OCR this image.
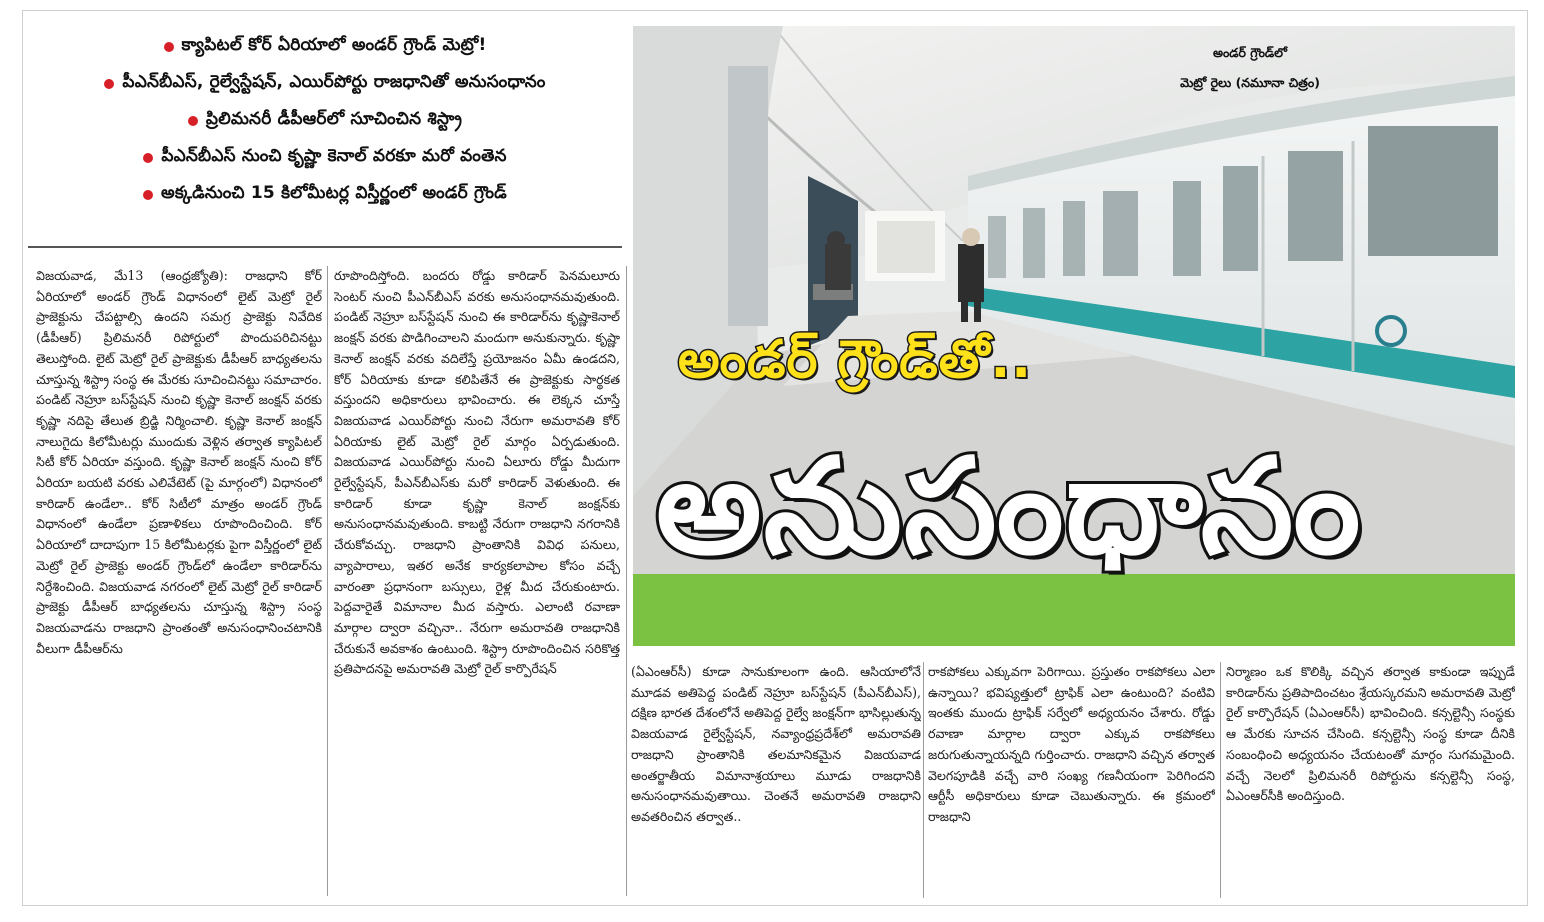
క్యాపిటల్ కోర్ ఏరియాలో అండర్ గ్రౌండ్ మెట్రో!
పీఎన్‌బీఎస్, రైల్వేస్టేషన్, ఎయిర్‌పోర్టు రాజధానితో అనుసంధానం
ప్రిలిమనరీ డీపీఆర్‌లో సూచించిన శిస్ట్రా
పీఎన్‌బీఎస్ నుంచి కృష్ణా కెనాల్ వరకూ మరో వంతెన
అక్కడినుంచి 15 కిలోమీటర్ల విస్తీర్ణంలో అండర్ గ్రౌండ్
అండర్ గ్రౌండ్‌లో
మెట్రో రైలు (నమూనా చిత్రం)
అండర్ గ్రౌండ్‌తో..
అనుసంధానం
విజయవాడ, మే13 (ఆంధ్రజ్యోతి): రాజధాని కోర్ ఏరియాలో అండర్ గ్రౌండ్ విధానంలో లైట్ మెట్రో రైల్ ప్రాజెక్టును చేపట్టాల్సి ఉందని సమగ్ర ప్రాజెక్టు నివేదిక (డీపీఆర్) ప్రిలిమనరీ రిపోర్టులో పొందుపరిచినట్టు తెలుస్తోంది. లైట్ మెట్రో రైల్ ప్రాజెక్టుకు డీపీఆర్ బాధ్యతలను చూస్తున్న శిస్ట్రా సంస్థ ఈ మేరకు సూచించినట్టు సమాచారం. పండిట్ నెహ్రూ బస్‌స్టేషన్ నుంచి కృష్ణా కెనాల్ జంక్షన్ వరకు కృష్ణా నదిపై తేలుత బ్రిడ్జి నిర్మించాలి. కృష్ణా కెనాల్ జంక్షన్ నాలుగైదు కిలోమీటర్లు ముందుకు వెళ్లిన తర్వాత క్యాపిటల్ సిటీ కోర్ ఏరియా వస్తుంది. కృష్ణా కెనాల్ జంక్షన్ నుంచి కోర్ ఏరియా బయటి వరకు ఎలివేటెట్ (పై మార్గంలో) విధానంలో కారిడార్ ఉండేలా.. కోర్ సిటీలో మాత్రం అండర్ గ్రౌండ్ విధానంలో ఉండేలా ప్రణాళికలు రూపొందించింది. కోర్ ఏరియాలో దాదాపుగా 15 కిలోమీటర్లకు పైగా విస్తీర్ణంలో లైట్ మెట్రో రైల్ ప్రాజెక్టు అండర్ గ్రౌండ్‌లో ఉండేలా కారిడార్‌ను నిర్దేశించింది. విజయవాడ నగరంలో లైట్ మెట్రో రైల్ కారిడార్ ప్రాజెక్టు డీపీఆర్ బాధ్యతలను చూస్తున్న శిస్ట్రా సంస్థ విజయవాడను రాజధాని ప్రాంతంతో అనుసంధానించటానికి వీలుగా డీపీఆర్‌ను
రూపొందిస్తోంది. బందరు రోడ్డు కారిడార్ పెనమలూరు సెంటర్ నుంచి పీఎన్‌బీఎస్ వరకు అనుసంధానమవుతుంది. పండిట్ నెహ్రూ బస్‌స్టేషన్ నుంచి ఈ కారిడార్‌ను కృష్ణాకెనాల్ జంక్షన్ వరకు పొడిగించాలని మందుగా అనుకున్నారు. కృష్ణా కెనాల్ జంక్షన్ వరకు వదిలేస్తే ప్రయోజనం ఏమీ ఉండదని, కోర్ ఏరియాకు కూడా కలిపితేనే ఈ ప్రాజెక్టుకు సార్థకత వస్తుందని అధికారులు భావించారు. ఈ లెక్కన చూస్తే విజయవాడ ఎయిర్‌పోర్టు నుంచి నేరుగా అమరావతి కోర్ ఏరియాకు లైట్ మెట్రో రైల్ మార్గం ఏర్పడుతుంది. విజయవాడ ఎయిర్‌పోర్టు నుంచి ఏలూరు రోడ్డు మీదుగా రైల్వేస్టేషన్, పీఎన్‌బీఎస్‌కు మరో కారిడార్ వెళుతుంది. ఈ కారిడార్ కూడా కృష్ణా కెనాల్ జంక్షన్‌కు అనుసంధానమవుతుంది. కాబట్టి నేరుగా రాజధాని నగరానికి చేరుకోవచ్చు. రాజధాని ప్రాంతానికి వివిధ పనులు, వ్యాపారాలు, ఇతర అనేక కార్యకలాపాల కోసం వచ్చే వారంతా ప్రధానంగా బస్సులు, రైళ్ల మీద చేరుకుంటారు. పెద్దవారైతే విమానాల మీద వస్తారు. ఎలాంటి రవాణా మార్గాల ద్వారా వచ్చినా.. నేరుగా అమరావతి రాజధానికి చేరుకునే అవకాశం ఉంటుంది. శిస్ట్రా రూపొందించిన సరికొత్త ప్రతిపాదనపై అమరావతి మెట్రో రైల్ కార్పొరేషన్	(ఏఎంఆర్‌సీ) కూడా సానుకూలంగా ఉంది. ఆసియాలోనే మూడవ అతిపెద్ద పండిట్ నెహ్రూ బస్‌స్టేషన్ (పీఎన్‌బీఎస్), దక్షిణ భారత దేశంలోనే అతిపెద్ద రైల్వే జంక్షన్‌గా భాసిల్లుతున్న విజయవాడ రైల్వేస్టేషన్, నవ్యాంధ్రప్రదేశ్‌లో అమరావతి రాజధాని ప్రాంతానికి తలమానికమైన విజయవాడ అంతర్జాతీయ విమానాశ్రయాలు మూడు రాజధానికి అనుసంధానమవుతాయి. చెంతనే అమరావతి రాజధాని అవతరించిన తర్వాత..
రాకపోకలు ఎక్కువగా పెరిగాయి. ప్రస్తుతం రాకపోకలు ఎలా ఉన్నాయి? భవిష్యత్తులో ట్రాఫిక్ ఎలా ఉంటుంది? వంటివి ఇంతకు ముందు ట్రాఫిక్ సర్వేలో అధ్యయనం చేశారు. రోడ్డు రవాణా మార్గాల ద్వారా ఎక్కువ రాకపోకలు జరుగుతున్నాయన్నది గుర్తించారు. రాజధాని వచ్చిన తర్వాత వెలగపూడికి వచ్చే వారి సంఖ్య గణనీయంగా పెరిగిందని ఆర్టీసీ అధికారులు కూడా చెబుతున్నారు. ఈ క్రమంలో రాజధాని
నిర్మాణం ఒక కొలిక్కి వచ్చిన తర్వాత కాకుండా ఇప్పుడే కారిడార్‌ను ప్రతిపాదించటం శ్రేయస్కరమని అమరావతి మెట్రో రైల్ కార్పొరేషన్ (ఏఎంఆర్‌సీ) భావించింది. కన్సల్టెన్సీ సంస్థకు ఆ మేరకు సూచన చేసింది. కన్సల్టెన్సీ సంస్థ కూడా దీనికి సంబంధించి అధ్యయనం చేయటంతో మార్గం సుగమమైంది. వచ్చే నెలలో ప్రిలిమనరీ రిపోర్టును కన్సల్టెన్సీ సంస్థ, ఏఎంఆర్‌సీకి అందిస్తుంది.
